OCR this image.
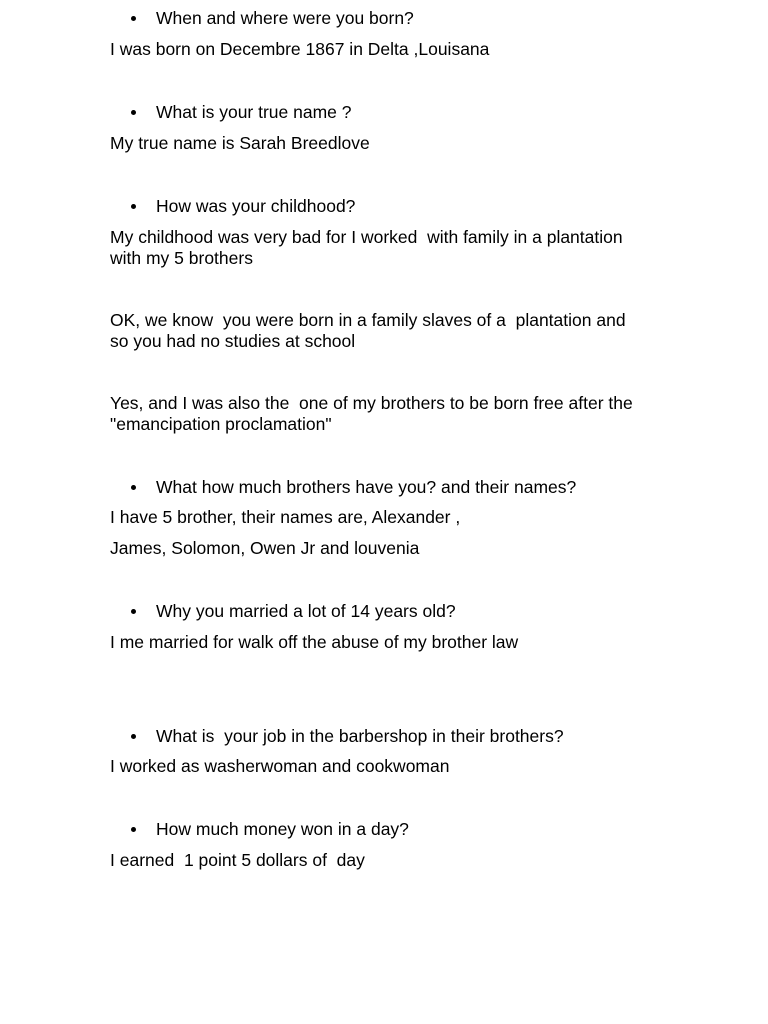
When and where were you born?

I was born on Decembre 1867 in Delta ,Louisana

What is your true name ?

My true name is Sarah Breedlove

How was your childhood?

My childhood was very bad for I worked  with family in a plantation

with my 5 brothers

OK, we know  you were born in a family slaves of a  plantation and

so you had no studies at school

Yes, and I was also the  one of my brothers to be born free after the

"emancipation proclamation"

What how much brothers have you? and their names?

I have 5 brother, their names are, Alexander ,

James, Solomon, Owen Jr and louvenia

Why you married a lot of 14 years old?

I me married for walk off the abuse of my brother law

What is  your job in the barbershop in their brothers?

I worked as washerwoman and cookwoman

How much money won in a day?

I earned  1 point 5 dollars of  day
